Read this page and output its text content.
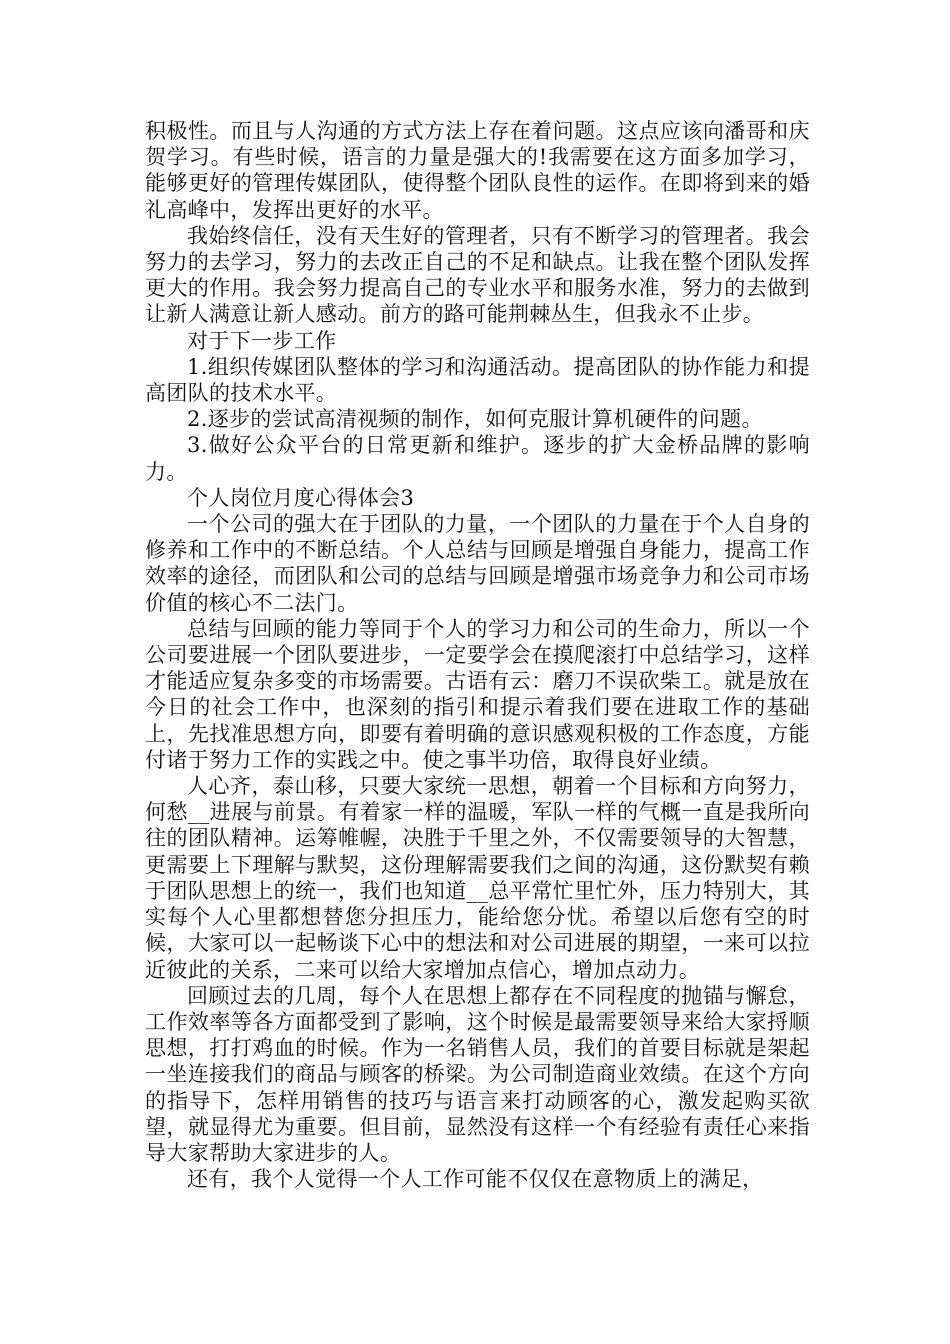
积极性。而且与人沟通的方式方法上存在着问题。这点应该向潘哥和庆贺学习。有些时候，语言的力量是强大的!我需要在这方面多加学习，能够更好的管理传媒团队，使得整个团队良性的运作。在即将到来的婚礼高峰中，发挥出更好的水平。

我始终信任，没有天生好的管理者，只有不断学习的管理者。我会努力的去学习，努力的去改正自己的不足和缺点。让我在整个团队发挥更大的作用。我会努力提高自己的专业水平和服务水准，努力的去做到让新人满意让新人感动。前方的路可能荆棘丛生，但我永不止步。

对于下一步工作

1.组织传媒团队整体的学习和沟通活动。提高团队的协作能力和提高团队的技术水平。

2.逐步的尝试高清视频的制作，如何克服计算机硬件的问题。

3.做好公众平台的日常更新和维护。逐步的扩大金桥品牌的影响力。

个人岗位月度心得体会3

一个公司的强大在于团队的力量，一个团队的力量在于个人自身的修养和工作中的不断总结。个人总结与回顾是增强自身能力，提高工作效率的途径，而团队和公司的总结与回顾是增强市场竞争力和公司市场价值的核心不二法门。

总结与回顾的能力等同于个人的学习力和公司的生命力，所以一个公司要进展一个团队要进步，一定要学会在摸爬滚打中总结学习，这样才能适应复杂多变的市场需要。古语有云：磨刀不误砍柴工。就是放在今日的社会工作中，也深刻的指引和提示着我们要在进取工作的基础上，先找准思想方向，即要有着明确的意识感观积极的工作态度，方能付诸于努力工作的实践之中。使之事半功倍，取得良好业绩。

人心齐，泰山移，只要大家统一思想，朝着一个目标和方向努力，何愁__进展与前景。有着家一样的温暖，军队一样的气概一直是我所向往的团队精神。运筹帷幄，决胜于千里之外，不仅需要领导的大智慧，更需要上下理解与默契，这份理解需要我们之间的沟通，这份默契有赖于团队思想上的统一，我们也知道__总平常忙里忙外，压力特别大，其实每个人心里都想替您分担压力，能给您分忧。希望以后您有空的时候，大家可以一起畅谈下心中的想法和对公司进展的期望，一来可以拉近彼此的关系，二来可以给大家增加点信心，增加点动力。

回顾过去的几周，每个人在思想上都存在不同程度的抛锚与懈怠，工作效率等各方面都受到了影响，这个时候是最需要领导来给大家捋顺思想，打打鸡血的时候。作为一名销售人员，我们的首要目标就是架起一坐连接我们的商品与顾客的桥梁。为公司制造商业效绩。在这个方向的指导下，怎样用销售的技巧与语言来打动顾客的心，激发起购买欲望，就显得尤为重要。但目前，显然没有这样一个有经验有责任心来指导大家帮助大家进步的人。

还有，我个人觉得一个人工作可能不仅仅在意物质上的满足，
